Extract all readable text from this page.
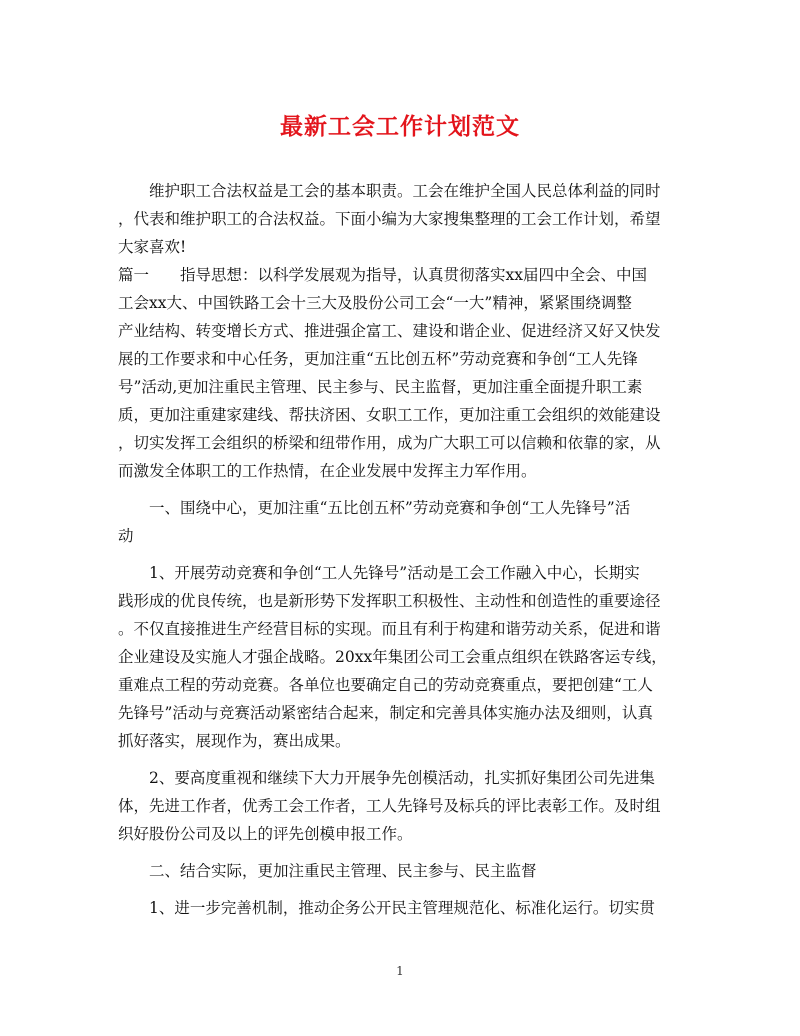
最新工会工作计划范文
　　维护职工合法权益是工会的基本职责。工会在维护全国人民总体利益的同时
，代表和维护职工的合法权益。下面小编为大家搜集整理的工会工作计划，希望
大家喜欢!
篇一　　指导思想：以科学发展观为指导，认真贯彻落实xx届四中全会、中国
工会xx大、中国铁路工会十三大及股份公司工会“一大”精神，紧紧围绕调整
产业结构、转变增长方式、推进强企富工、建设和谐企业、促进经济又好又快发
展的工作要求和中心任务，更加注重“五比创五杯”劳动竞赛和争创“工人先锋
号”活动,更加注重民主管理、民主参与、民主监督，更加注重全面提升职工素
质，更加注重建家建线、帮扶济困、女职工工作，更加注重工会组织的效能建设
，切实发挥工会组织的桥梁和纽带作用，成为广大职工可以信赖和依靠的家，从
而激发全体职工的工作热情，在企业发展中发挥主力军作用。
　　一、围绕中心，更加注重“五比创五杯”劳动竞赛和争创“工人先锋号”活
动
　　1、开展劳动竞赛和争创“工人先锋号”活动是工会工作融入中心，长期实
践形成的优良传统，也是新形势下发挥职工积极性、主动性和创造性的重要途径
。不仅直接推进生产经营目标的实现。而且有利于构建和谐劳动关系，促进和谐
企业建设及实施人才强企战略。20xx年集团公司工会重点组织在铁路客运专线，
重难点工程的劳动竞赛。各单位也要确定自己的劳动竞赛重点，要把创建“工人
先锋号”活动与竞赛活动紧密结合起来，制定和完善具体实施办法及细则，认真
抓好落实，展现作为，赛出成果。
　　2、要高度重视和继续下大力开展争先创模活动，扎实抓好集团公司先进集
体，先进工作者，优秀工会工作者，工人先锋号及标兵的评比表彰工作。及时组
织好股份公司及以上的评先创模申报工作。
　　二、结合实际，更加注重民主管理、民主参与、民主监督
　　1、进一步完善机制，推动企务公开民主管理规范化、标准化运行。切实贯
1
